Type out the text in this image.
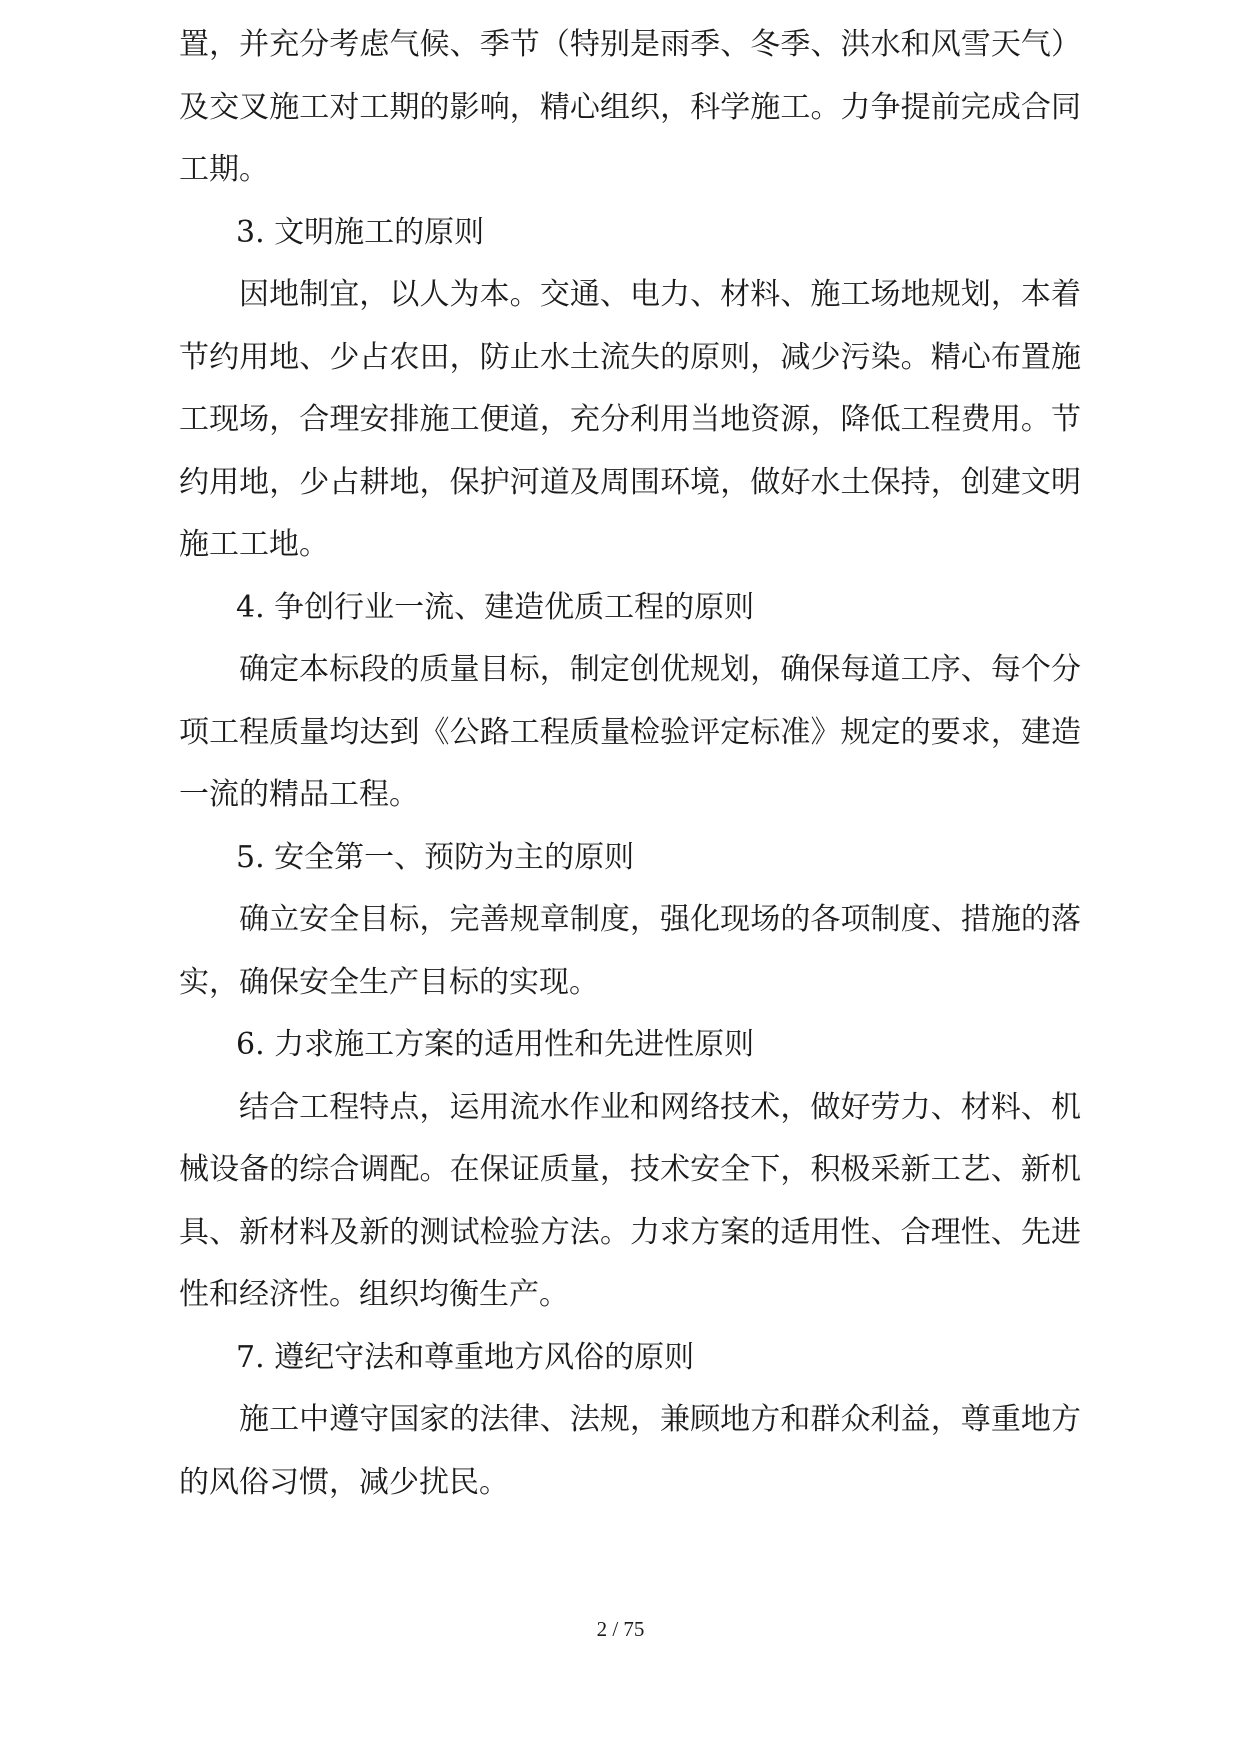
置，并充分考虑气候、季节（特别是雨季、冬季、洪水和风雪天气）及交叉施工对工期的影响，精心组织，科学施工。力争提前完成合同工期。

3. 文明施工的原则

因地制宜，以人为本。交通、电力、材料、施工场地规划，本着节约用地、少占农田，防止水土流失的原则，减少污染。精心布置施工现场，合理安排施工便道，充分利用当地资源，降低工程费用。节约用地，少占耕地，保护河道及周围环境，做好水土保持，创建文明施工工地。

4. 争创行业一流、建造优质工程的原则

确定本标段的质量目标，制定创优规划，确保每道工序、每个分项工程质量均达到《公路工程质量检验评定标准》规定的要求，建造一流的精品工程。

5. 安全第一、预防为主的原则

确立安全目标，完善规章制度，强化现场的各项制度、措施的落实，确保安全生产目标的实现。

6. 力求施工方案的适用性和先进性原则

结合工程特点，运用流水作业和网络技术，做好劳力、材料、机械设备的综合调配。在保证质量，技术安全下，积极采新工艺、新机具、新材料及新的测试检验方法。力求方案的适用性、合理性、先进性和经济性。组织均衡生产。

7. 遵纪守法和尊重地方风俗的原则

施工中遵守国家的法律、法规，兼顾地方和群众利益，尊重地方的风俗习惯，减少扰民。

2 / 75
